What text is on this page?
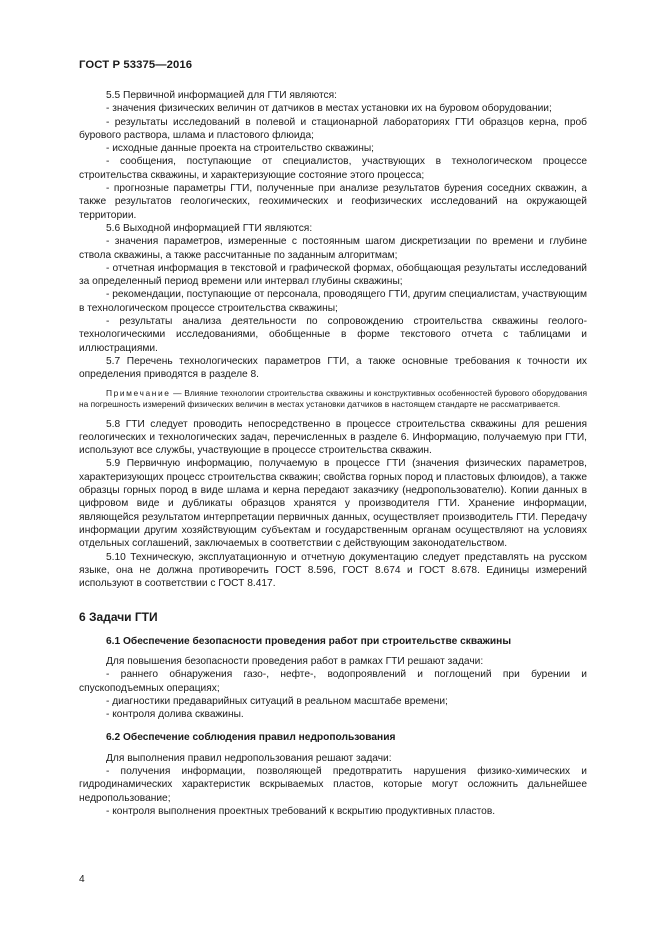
ГОСТ Р 53375—2016

5.5 Первичной информацией для ГТИ являются:

- значения физических величин от датчиков в местах установки их на буровом оборудовании;

- результаты исследований в полевой и стационарной лабораториях ГТИ образцов керна, проб бурового раствора, шлама и пластового флюида;

- исходные данные проекта на строительство скважины;

- сообщения, поступающие от специалистов, участвующих в технологическом процессе строительства скважины, и характеризующие состояние этого процесса;

- прогнозные параметры ГТИ, полученные при анализе результатов бурения соседних скважин, а также результатов геологических, геохимических и геофизических исследований на окружающей территории.

5.6 Выходной информацией ГТИ являются:

- значения параметров, измеренные с постоянным шагом дискретизации по времени и глубине ствола скважины, а также рассчитанные по заданным алгоритмам;

- отчетная информация в текстовой и графической формах, обобщающая результаты исследований за определенный период времени или интервал глубины скважины;

- рекомендации, поступающие от персонала, проводящего ГТИ, другим специалистам, участвующим в технологическом процессе строительства скважины;

- результаты анализа деятельности по сопровождению строительства скважины геолого-технологическими исследованиями, обобщенные в форме текстового отчета с таблицами и иллюстрациями.

5.7 Перечень технологических параметров ГТИ, а также основные требования к точности их определения приводятся в разделе 8.

Примечание — Влияние технологии строительства скважины и конструктивных особенностей бурового оборудования на погрешность измерений физических величин в местах установки датчиков в настоящем стандарте не рассматривается.

5.8 ГТИ следует проводить непосредственно в процессе строительства скважины для решения геологических и технологических задач, перечисленных в разделе 6. Информацию, получаемую при ГТИ, используют все службы, участвующие в процессе строительства скважин.

5.9 Первичную информацию, получаемую в процессе ГТИ (значения физических параметров, характеризующих процесс строительства скважин; свойства горных пород и пластовых флюидов), а также образцы горных пород в виде шлама и керна передают заказчику (недропользователю). Копии данных в цифровом виде и дубликаты образцов хранятся у производителя ГТИ. Хранение информации, являющейся результатом интерпретации первичных данных, осуществляет производитель ГТИ. Передачу информации другим хозяйствующим субъектам и государственным органам осуществляют на условиях отдельных соглашений, заключаемых в соответствии с действующим законодательством.

5.10 Техническую, эксплуатационную и отчетную документацию следует представлять на русском языке, она не должна противоречить ГОСТ 8.596, ГОСТ 8.674 и ГОСТ 8.678. Единицы измерений используют в соответствии с ГОСТ 8.417.

6 Задачи ГТИ
6.1 Обеспечение безопасности проведения работ при строительстве скважины

Для повышения безопасности проведения работ в рамках ГТИ решают задачи:

- раннего обнаружения газо-, нефте-, водопроявлений и поглощений при бурении и спускоподъемных операциях;

- диагностики предаварийных ситуаций в реальном масштабе времени;

- контроля долива скважины.

6.2 Обеспечение соблюдения правил недропользования

Для выполнения правил недропользования решают задачи:

- получения информации, позволяющей предотвратить нарушения физико-химических и гидродинамических характеристик вскрываемых пластов, которые могут осложнить дальнейшее недропользование;

- контроля выполнения проектных требований к вскрытию продуктивных пластов.

4
